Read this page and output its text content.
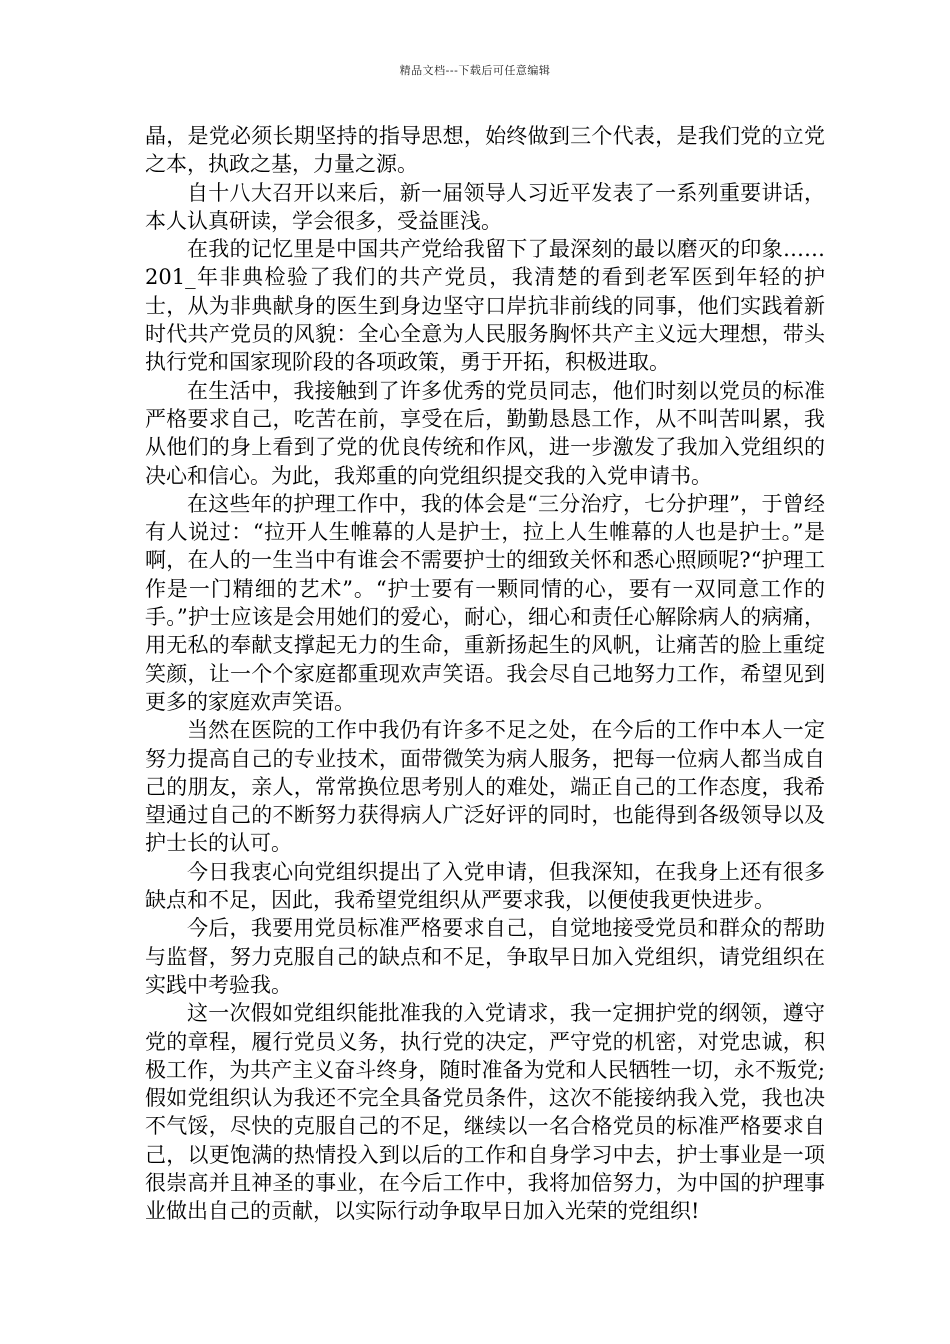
精品文档---下载后可任意编辑

晶，是党必须长期坚持的指导思想，始终做到三个代表，是我们党的立党之本，执政之基，力量之源。

自十八大召开以来后，新一届领导人习近平发表了一系列重要讲话，本人认真研读，学会很多，受益匪浅。

在我的记忆里是中国共产党给我留下了最深刻的最以磨灭的印象……201_年非典检验了我们的共产党员，我清楚的看到老军医到年轻的护士，从为非典献身的医生到身边坚守口岸抗非前线的同事，他们实践着新时代共产党员的风貌：全心全意为人民服务胸怀共产主义远大理想，带头执行党和国家现阶段的各项政策，勇于开拓，积极进取。

在生活中，我接触到了许多优秀的党员同志，他们时刻以党员的标准严格要求自己，吃苦在前，享受在后，勤勤恳恳工作，从不叫苦叫累，我从他们的身上看到了党的优良传统和作风，进一步激发了我加入党组织的决心和信心。为此，我郑重的向党组织提交我的入党申请书。

在这些年的护理工作中，我的体会是“三分治疗，七分护理”，于曾经有人说过：“拉开人生帷幕的人是护士，拉上人生帷幕的人也是护士。”是啊，在人的一生当中有谁会不需要护士的细致关怀和悉心照顾呢?“护理工作是一门精细的艺术”。“护士要有一颗同情的心，要有一双同意工作的手。”护士应该是会用她们的爱心，耐心，细心和责任心解除病人的病痛，用无私的奉献支撑起无力的生命，重新扬起生的风帆，让痛苦的脸上重绽笑颜，让一个个家庭都重现欢声笑语。我会尽自己地努力工作，希望见到更多的家庭欢声笑语。

当然在医院的工作中我仍有许多不足之处，在今后的工作中本人一定努力提高自己的专业技术，面带微笑为病人服务，把每一位病人都当成自己的朋友，亲人，常常换位思考别人的难处，端正自己的工作态度，我希望通过自己的不断努力获得病人广泛好评的同时，也能得到各级领导以及护士长的认可。

今日我衷心向党组织提出了入党申请，但我深知，在我身上还有很多缺点和不足，因此，我希望党组织从严要求我，以便使我更快进步。

今后，我要用党员标准严格要求自己，自觉地接受党员和群众的帮助与监督，努力克服自己的缺点和不足，争取早日加入党组织，请党组织在实践中考验我。

这一次假如党组织能批准我的入党请求，我一定拥护党的纲领，遵守党的章程，履行党员义务，执行党的决定，严守党的机密，对党忠诚，积极工作，为共产主义奋斗终身，随时准备为党和人民牺牲一切，永不叛党;假如党组织认为我还不完全具备党员条件，这次不能接纳我入党，我也决不气馁，尽快的克服自己的不足，继续以一名合格党员的标准严格要求自己，以更饱满的热情投入到以后的工作和自身学习中去，护士事业是一项很崇高并且神圣的事业，在今后工作中，我将加倍努力，为中国的护理事业做出自己的贡献，以实际行动争取早日加入光荣的党组织!
